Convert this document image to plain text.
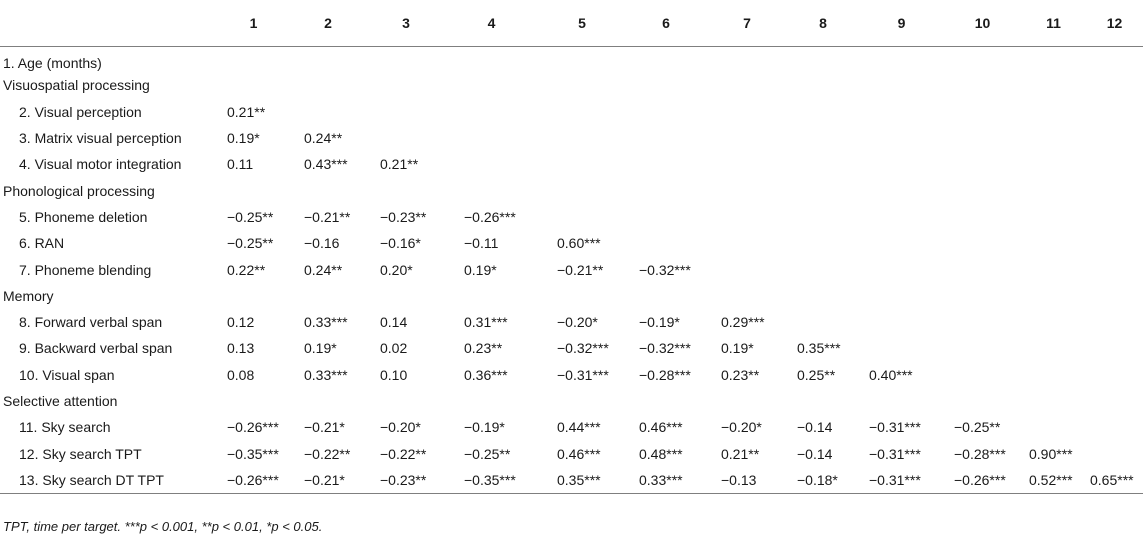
	1	2	3	4	5	6	7	8	9	10	11	12
1. Age (months)												
Visuospatial processing												
2. Visual perception	0.21**											
3. Matrix visual perception	0.19*	0.24**										
4. Visual motor integration	0.11	0.43***	0.21**									
Phonological processing												
5. Phoneme deletion	−0.25**	−0.21**	−0.23**	−0.26***								
6. RAN	−0.25**	−0.16	−0.16*	−0.11	0.60***							
7. Phoneme blending	0.22**	0.24**	0.20*	0.19*	−0.21**	−0.32***						
Memory												
8. Forward verbal span	0.12	0.33***	0.14	0.31***	−0.20*	−0.19*	0.29***					
9. Backward verbal span	0.13	0.19*	0.02	0.23**	−0.32***	−0.32***	0.19*	0.35***				
10. Visual span	0.08	0.33***	0.10	0.36***	−0.31***	−0.28***	0.23**	0.25**	0.40***			
Selective attention												
11. Sky search	−0.26***	−0.21*	−0.20*	−0.19*	0.44***	0.46***	−0.20*	−0.14	−0.31***	−0.25**		
12. Sky search TPT	−0.35***	−0.22**	−0.22**	−0.25**	0.46***	0.48***	0.21**	−0.14	−0.31***	−0.28***	0.90***	
13. Sky search DT TPT	−0.26***	−0.21*	−0.23**	−0.35***	0.35***	0.33***	−0.13	−0.18*	−0.31***	−0.26***	0.52***	0.65***

TPT, time per target. ***p < 0.001, **p < 0.01, *p < 0.05.
